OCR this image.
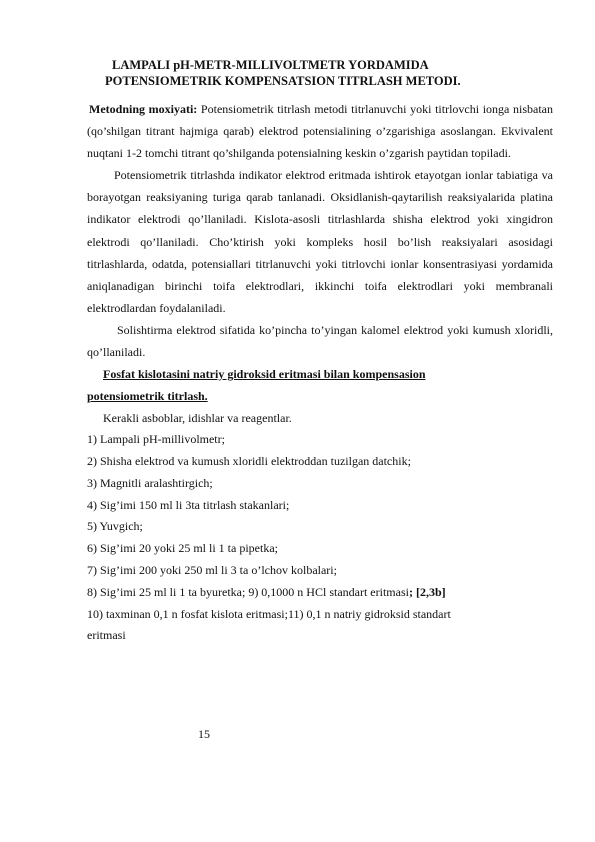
LAMPALI pH-METR-MILLIVOLTMETR YORDAMIDA
POTENSIOMETRIK KOMPENSATSION TITRLASH METODI.

Metodning moxiyati: Potensiometrik titrlash metodi titrlanuvchi yoki titrlovchi ionga nisbatan (qo’shilgan titrant hajmiga qarab) elektrod potensialining o’zgarishiga asoslangan. Ekvivalent nuqtani 1-2 tomchi titrant qo’shilganda potensialning keskin o’zgarish paytidan topiladi.

Potensiometrik titrlashda indikator elektrod eritmada ishtirok etayotgan ionlar tabiatiga va borayotgan reaksiyaning turiga qarab tanlanadi. Oksidlanish-qaytarilish reaksiyalarida platina indikator elektrodi qo’llaniladi. Kislota-asosli titrlashlarda shisha elektrod yoki xingidron elektrodi qo’llaniladi. Cho’ktirish yoki kompleks hosil bo’lish reaksiyalari asosidagi titrlashlarda, odatda, potensiallari titrlanuvchi yoki titrlovchi ionlar konsentrasiyasi yordamida aniqlanadigan birinchi toifa elektrodlari, ikkinchi toifa elektrodlari yoki membranali elektrodlardan foydalaniladi.

Solishtirma elektrod sifatida ko’pincha to’yingan kalomel elektrod yoki kumush xloridli, qo’llaniladi.

Fosfat kislotasini natriy gidroksid eritmasi bilan kompensasion
potensiometrik titrlash.

Kerakli asboblar, idishlar va reagentlar.

1) Lampali pH-millivolmetr;
2) Shisha elektrod va kumush xloridli elektroddan tuzilgan datchik;
3) Magnitli aralashtirgich;
4) Sig’imi 150 ml li 3ta titrlash stakanlari;
5) Yuvgich;
6) Sig’imi 20 yoki 25 ml li 1 ta pipetka;
7) Sig’imi 200 yoki 250 ml li 3 ta o’lchov kolbalari;
8) Sig’imi 25 ml li 1 ta byuretka; 9) 0,1000 n HCl standart eritmasi; [2,3b]
10) taxminan 0,1 n fosfat kislota eritmasi;11) 0,1 n natriy gidroksid standart
eritmasi
15
